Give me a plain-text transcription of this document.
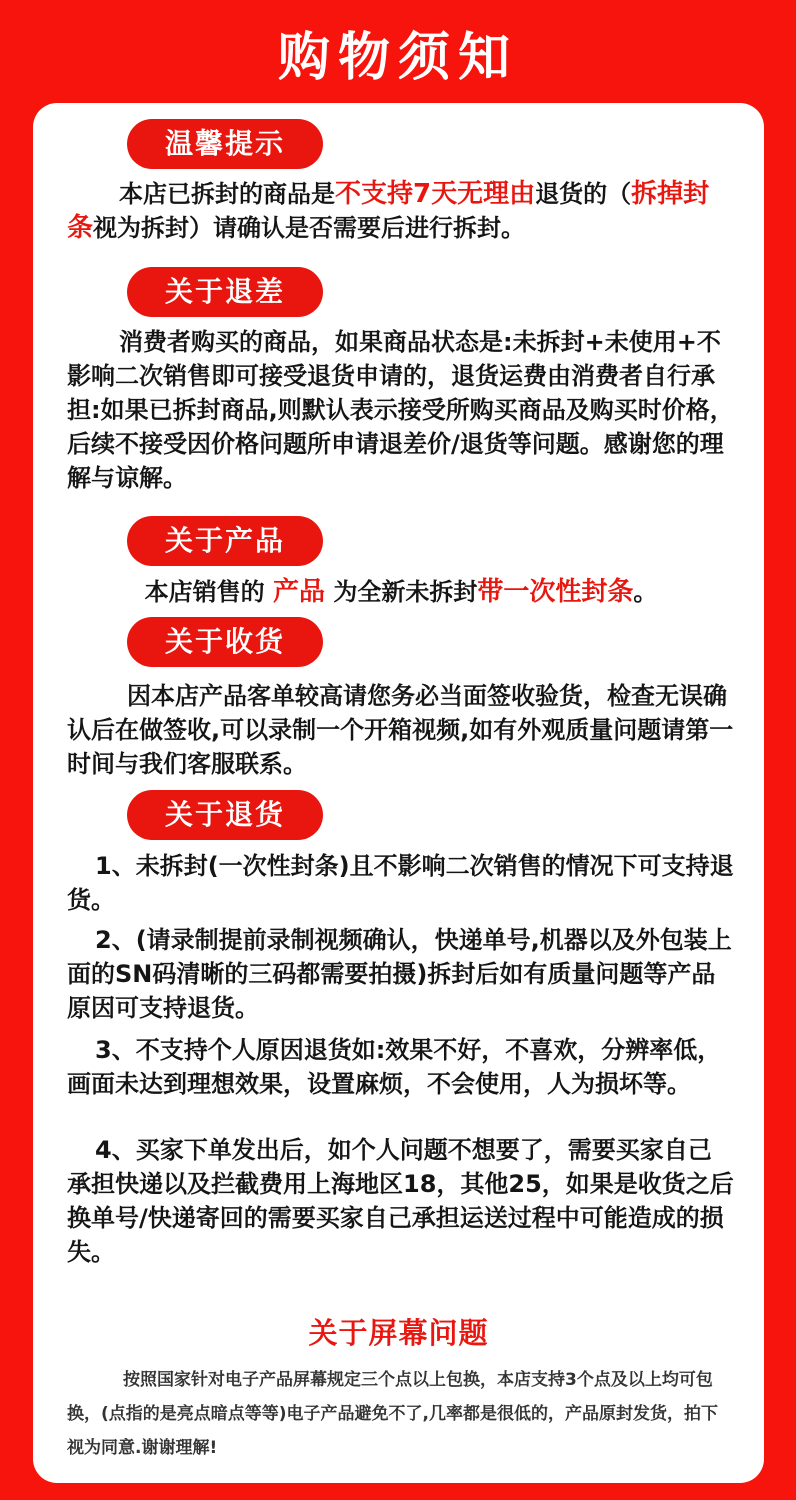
购物须知
温馨提示

本店已拆封的商品是不支持7天无理由退货的（拆掉封条视为拆封）请确认是否需要后进行拆封。

关于退差

消费者购买的商品，如果商品状态是:未拆封+未使用+不影响二次销售即可接受退货申请的，退货运费由消费者自行承担:如果已拆封商品,则默认表示接受所购买商品及购买时价格，后续不接受因价格问题所申请退差价/退货等问题。感谢您的理解与谅解。

关于产品

本店销售的 产品 为全新未拆封带一次性封条。

关于收货

因本店产品客单较高请您务必当面签收验货，检查无误确认后在做签收,可以录制一个开箱视频,如有外观质量问题请第一时间与我们客服联系。

关于退货

1、未拆封(一次性封条)且不影响二次销售的情况下可支持退货。

2、(请录制提前录制视频确认，快递单号,机器以及外包装上面的SN码清晰的三码都需要拍摄)拆封后如有质量问题等产品原因可支持退货。

3、不支持个人原因退货如:效果不好，不喜欢，分辨率低，画面未达到理想效果，设置麻烦，不会使用，人为损坏等。

4、买家下单发出后，如个人问题不想要了，需要买家自己承担快递以及拦截费用上海地区18，其他25，如果是收货之后换单号/快递寄回的需要买家自己承担运送过程中可能造成的损失。

关于屏幕问题

按照国家针对电子产品屏幕规定三个点以上包换，本店支持3个点及以上均可包换，(点指的是亮点暗点等等)电子产品避免不了,几率都是很低的，产品原封发货，拍下视为同意.谢谢理解!
